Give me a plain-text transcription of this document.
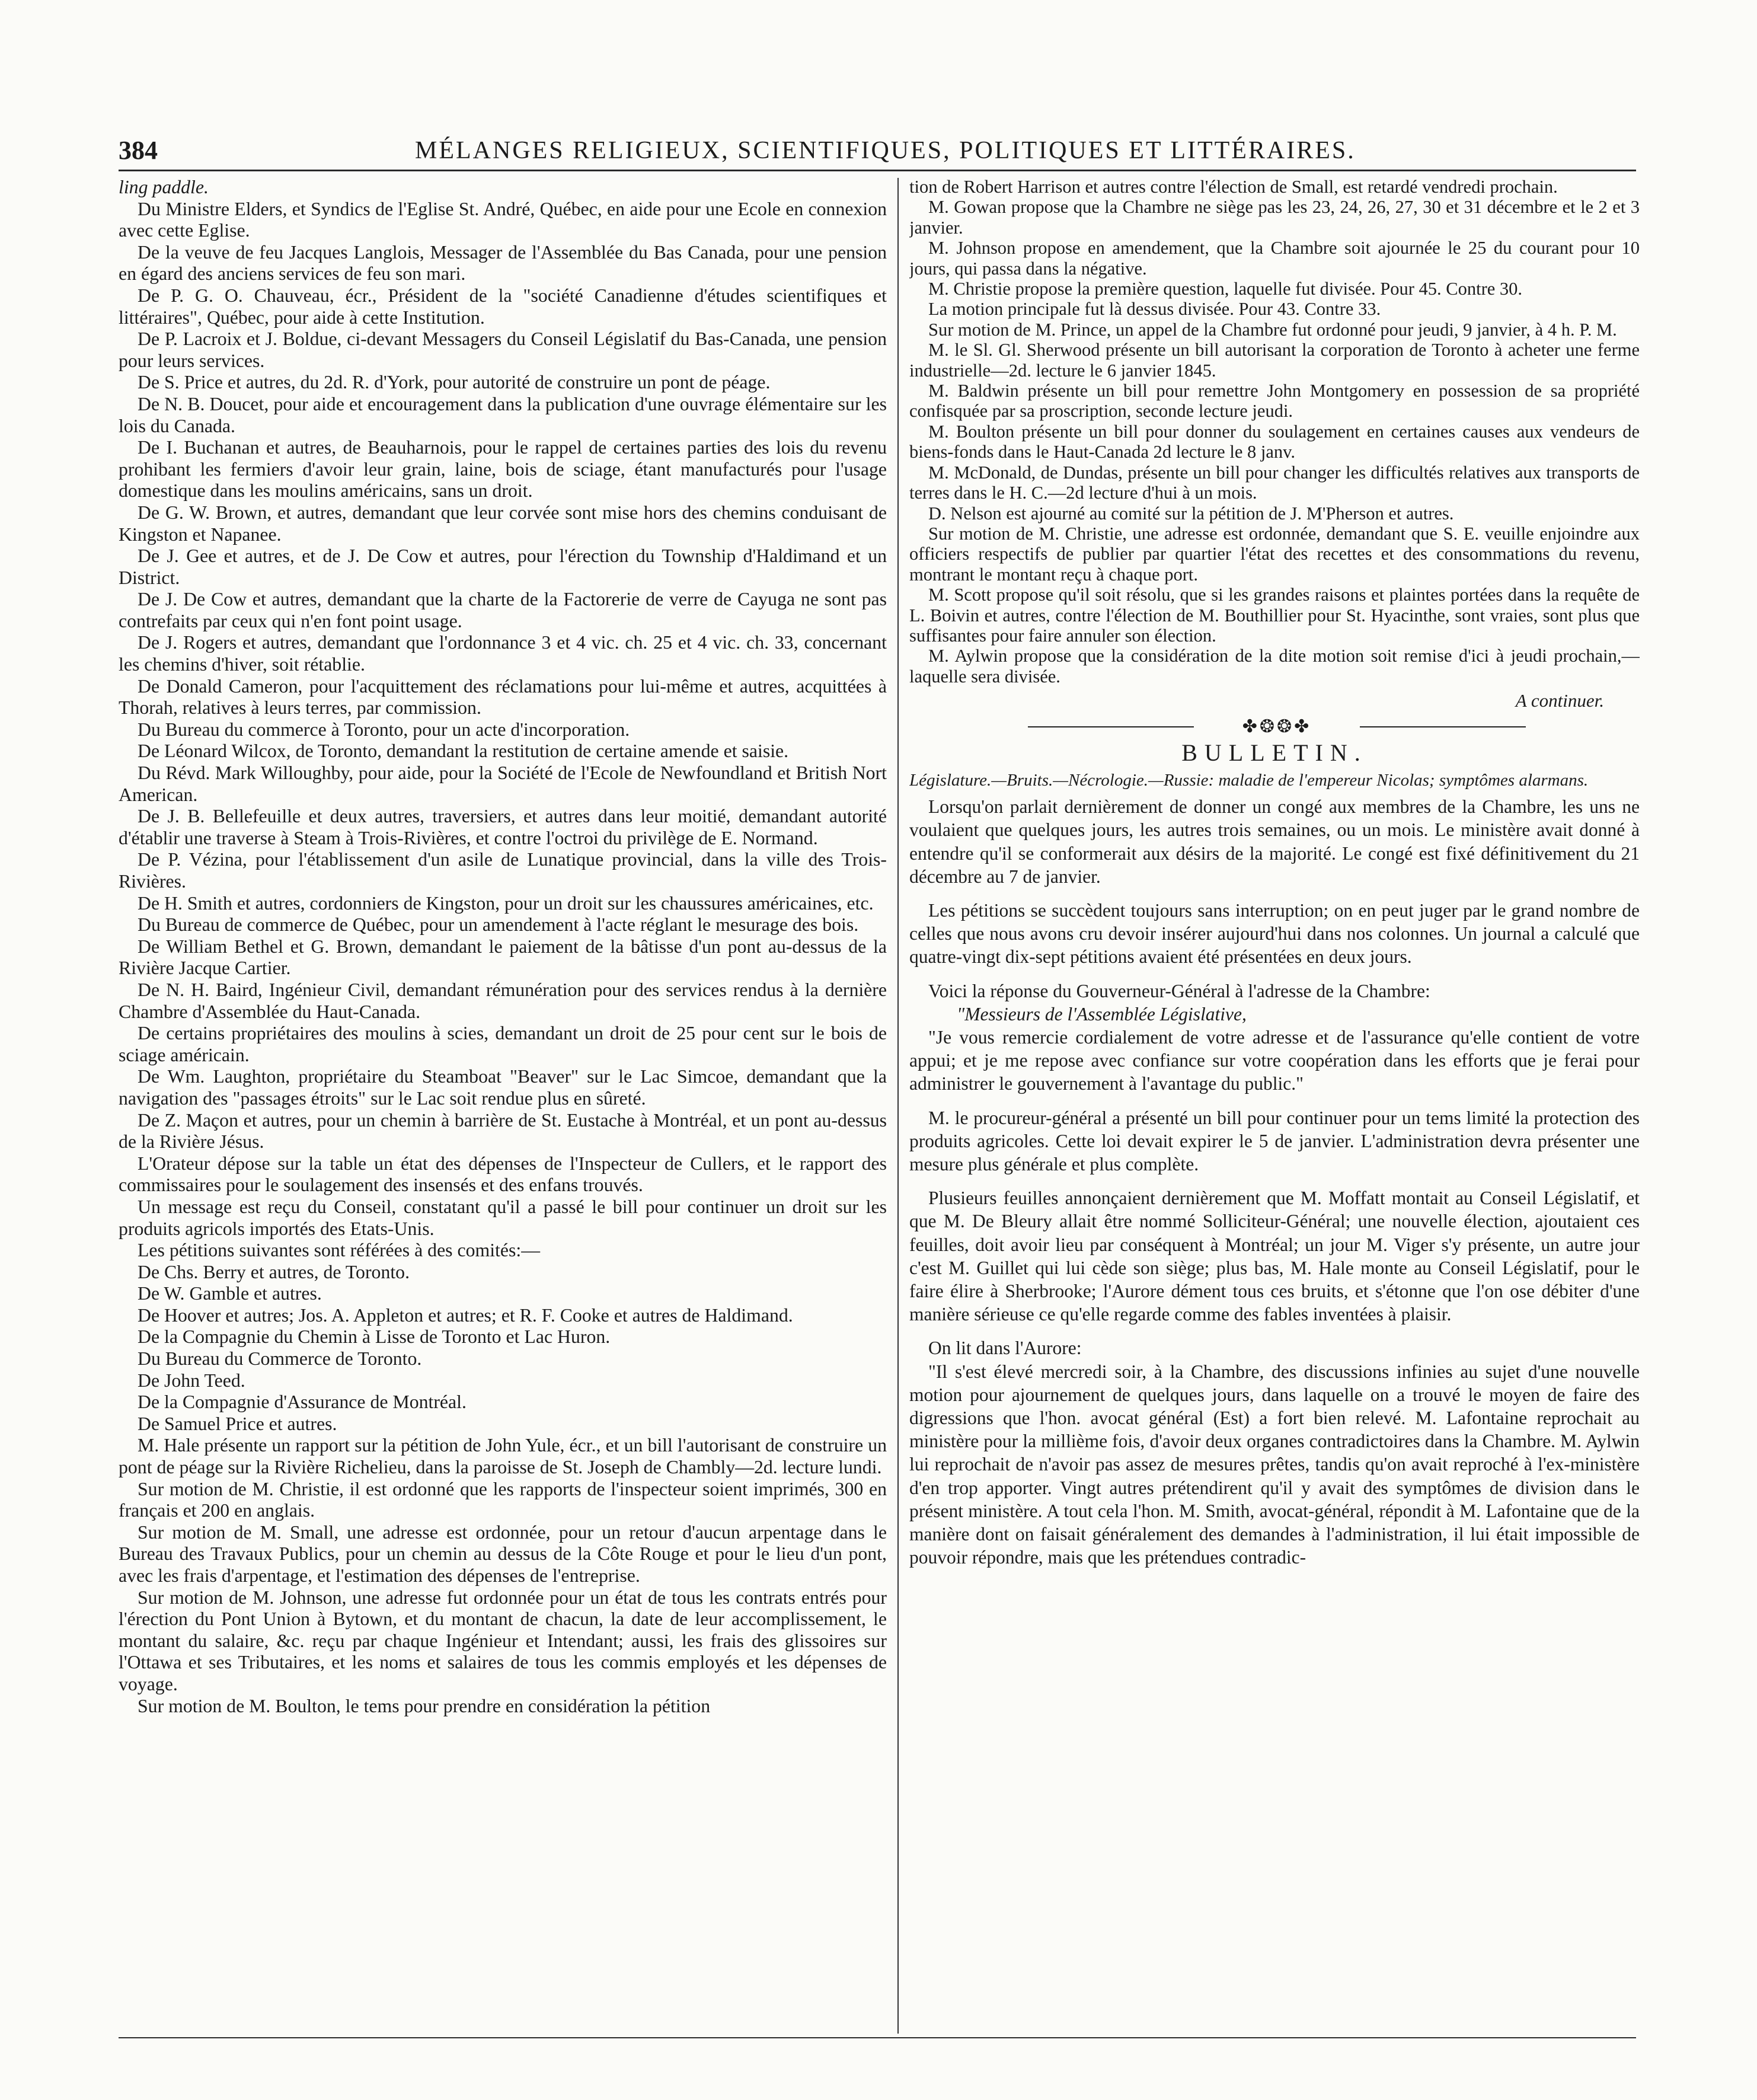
384	MÉLANGES RELIGIEUX, SCIENTIFIQUES, POLITIQUES ET LITTÉRAIRES.

ling paddle.

Du Ministre Elders, et Syndics de l'Eglise St. André, Québec, en aide pour une Ecole en connexion avec cette Eglise.

De la veuve de feu Jacques Langlois, Messager de l'Assemblée du Bas Canada, pour une pension en égard des anciens services de feu son mari.

De P. G. O. Chauveau, écr., Président de la "société Canadienne d'études scientifiques et littéraires", Québec, pour aide à cette Institution.

De P. Lacroix et J. Boldue, ci-devant Messagers du Conseil Législatif du Bas-Canada, une pension pour leurs services.

De S. Price et autres, du 2d. R. d'York, pour autorité de construire un pont de péage.

De N. B. Doucet, pour aide et encouragement dans la publication d'une ouvrage élémentaire sur les lois du Canada.

De I. Buchanan et autres, de Beauharnois, pour le rappel de certaines parties des lois du revenu prohibant les fermiers d'avoir leur grain, laine, bois de sciage, étant manufacturés pour l'usage domestique dans les moulins américains, sans un droit.

De G. W. Brown, et autres, demandant que leur corvée sont mise hors des chemins conduisant de Kingston et Napanee.

De J. Gee et autres, et de J. De Cow et autres, pour l'érection du Township d'Haldimand et un District.

De J. De Cow et autres, demandant que la charte de la Factorerie de verre de Cayuga ne sont pas contrefaits par ceux qui n'en font point usage.

De J. Rogers et autres, demandant que l'ordonnance 3 et 4 vic. ch. 25 et 4 vic. ch. 33, concernant les chemins d'hiver, soit rétablie.

De Donald Cameron, pour l'acquittement des réclamations pour lui-même et autres, acquittées à Thorah, relatives à leurs terres, par commission.

Du Bureau du commerce à Toronto, pour un acte d'incorporation.

De Léonard Wilcox, de Toronto, demandant la restitution de certaine amende et saisie.

Du Révd. Mark Willoughby, pour aide, pour la Société de l'Ecole de Newfoundland et British Nort American.

De J. B. Bellefeuille et deux autres, traversiers, et autres dans leur moitié, demandant autorité d'établir une traverse à Steam à Trois-Rivières, et contre l'octroi du privilège de E. Normand.

De P. Vézina, pour l'établissement d'un asile de Lunatique provincial, dans la ville des Trois-Rivières.

De H. Smith et autres, cordonniers de Kingston, pour un droit sur les chaussures américaines, etc.

Du Bureau de commerce de Québec, pour un amendement à l'acte réglant le mesurage des bois.

De William Bethel et G. Brown, demandant le paiement de la bâtisse d'un pont au-dessus de la Rivière Jacque Cartier.

De N. H. Baird, Ingénieur Civil, demandant rémunération pour des services rendus à la dernière Chambre d'Assemblée du Haut-Canada.

De certains propriétaires des moulins à scies, demandant un droit de 25 pour cent sur le bois de sciage américain.

De Wm. Laughton, propriétaire du Steamboat "Beaver" sur le Lac Simcoe, demandant que la navigation des "passages étroits" sur le Lac soit rendue plus en sûreté.

De Z. Maçon et autres, pour un chemin à barrière de St. Eustache à Montréal, et un pont au-dessus de la Rivière Jésus.

L'Orateur dépose sur la table un état des dépenses de l'Inspecteur de Cullers, et le rapport des commissaires pour le soulagement des insensés et des enfans trouvés.

Un message est reçu du Conseil, constatant qu'il a passé le bill pour continuer un droit sur les produits agricols importés des Etats-Unis.

Les pétitions suivantes sont référées à des comités:—

De Chs. Berry et autres, de Toronto.

De W. Gamble et autres.

De Hoover et autres; Jos. A. Appleton et autres; et R. F. Cooke et autres de Haldimand.

De la Compagnie du Chemin à Lisse de Toronto et Lac Huron.

Du Bureau du Commerce de Toronto.

De John Teed.

De la Compagnie d'Assurance de Montréal.

De Samuel Price et autres.

M. Hale présente un rapport sur la pétition de John Yule, écr., et un bill l'autorisant de construire un pont de péage sur la Rivière Richelieu, dans la paroisse de St. Joseph de Chambly—2d. lecture lundi.

Sur motion de M. Christie, il est ordonné que les rapports de l'inspecteur soient imprimés, 300 en français et 200 en anglais.

Sur motion de M. Small, une adresse est ordonnée, pour un retour d'aucun arpentage dans le Bureau des Travaux Publics, pour un chemin au dessus de la Côte Rouge et pour le lieu d'un pont, avec les frais d'arpentage, et l'estimation des dépenses de l'entreprise.

Sur motion de M. Johnson, une adresse fut ordonnée pour un état de tous les contrats entrés pour l'érection du Pont Union à Bytown, et du montant de chacun, la date de leur accomplissement, le montant du salaire, &c. reçu par chaque Ingénieur et Intendant; aussi, les frais des glissoires sur l'Ottawa et ses Tributaires, et les noms et salaires de tous les commis employés et les dépenses de voyage.

Sur motion de M. Boulton, le tems pour prendre en considération la pétition

tion de Robert Harrison et autres contre l'élection de Small, est retardé vendredi prochain.

M. Gowan propose que la Chambre ne siège pas les 23, 24, 26, 27, 30 et 31 décembre et le 2 et 3 janvier.

M. Johnson propose en amendement, que la Chambre soit ajournée le 25 du courant pour 10 jours, qui passa dans la négative.

M. Christie propose la première question, laquelle fut divisée. Pour 45. Contre 30.

La motion principale fut là dessus divisée. Pour 43. Contre 33.

Sur motion de M. Prince, un appel de la Chambre fut ordonné pour jeudi, 9 janvier, à 4 h. P. M.

M. le Sl. Gl. Sherwood présente un bill autorisant la corporation de Toronto à acheter une ferme industrielle—2d. lecture le 6 janvier 1845.

M. Baldwin présente un bill pour remettre John Montgomery en possession de sa propriété confisquée par sa proscription, seconde lecture jeudi.

M. Boulton présente un bill pour donner du soulagement en certaines causes aux vendeurs de biens-fonds dans le Haut-Canada 2d lecture le 8 janv.

M. McDonald, de Dundas, présente un bill pour changer les difficultés relatives aux transports de terres dans le H. C.—2d lecture d'hui à un mois.

D. Nelson est ajourné au comité sur la pétition de J. M'Pherson et autres.

Sur motion de M. Christie, une adresse est ordonnée, demandant que S. E. veuille enjoindre aux officiers respectifs de publier par quartier l'état des recettes et des consommations du revenu, montrant le montant reçu à chaque port.

M. Scott propose qu'il soit résolu, que si les grandes raisons et plaintes portées dans la requête de L. Boivin et autres, contre l'élection de M. Bouthillier pour St. Hyacinthe, sont vraies, sont plus que suffisantes pour faire annuler son élection.

M. Aylwin propose que la considération de la dite motion soit remise d'ici à jeudi prochain,—laquelle sera divisée.

A continuer.
✤❂❂✤
BULLETIN.
Législature.—Bruits.—Nécrologie.—Russie: maladie de l'empereur Nicolas; symptômes alarmans.

Lorsqu'on parlait dernièrement de donner un congé aux membres de la Chambre, les uns ne voulaient que quelques jours, les autres trois semaines, ou un mois. Le ministère avait donné à entendre qu'il se conformerait aux désirs de la majorité. Le congé est fixé définitivement du 21 décembre au 7 de janvier.

Les pétitions se succèdent toujours sans interruption; on en peut juger par le grand nombre de celles que nous avons cru devoir insérer aujourd'hui dans nos colonnes. Un journal a calculé que quatre-vingt dix-sept pétitions avaient été présentées en deux jours.

Voici la réponse du Gouverneur-Général à l'adresse de la Chambre:

"Messieurs de l'Assemblée Législative,

"Je vous remercie cordialement de votre adresse et de l'assurance qu'elle contient de votre appui; et je me repose avec confiance sur votre coopération dans les efforts que je ferai pour administrer le gouvernement à l'avantage du public."

M. le procureur-général a présenté un bill pour continuer pour un tems limité la protection des produits agricoles. Cette loi devait expirer le 5 de janvier. L'administration devra présenter une mesure plus générale et plus complète.

Plusieurs feuilles annonçaient dernièrement que M. Moffatt montait au Conseil Législatif, et que M. De Bleury allait être nommé Solliciteur-Général; une nouvelle élection, ajoutaient ces feuilles, doit avoir lieu par conséquent à Montréal; un jour M. Viger s'y présente, un autre jour c'est M. Guillet qui lui cède son siège; plus bas, M. Hale monte au Conseil Législatif, pour le faire élire à Sherbrooke; l'Aurore dément tous ces bruits, et s'étonne que l'on ose débiter d'une manière sérieuse ce qu'elle regarde comme des fables inventées à plaisir.

On lit dans l'Aurore:

"Il s'est élevé mercredi soir, à la Chambre, des discussions infinies au sujet d'une nouvelle motion pour ajournement de quelques jours, dans laquelle on a trouvé le moyen de faire des digressions que l'hon. avocat général (Est) a fort bien relevé. M. Lafontaine reprochait au ministère pour la millième fois, d'avoir deux organes contradictoires dans la Chambre. M. Aylwin lui reprochait de n'avoir pas assez de mesures prêtes, tandis qu'on avait reproché à l'ex-ministère d'en trop apporter. Vingt autres prétendirent qu'il y avait des symptômes de division dans le présent ministère. A tout cela l'hon. M. Smith, avocat-général, répondit à M. Lafontaine que de la manière dont on faisait généralement des demandes à l'administration, il lui était impossible de pouvoir répondre, mais que les prétendues contradic-
